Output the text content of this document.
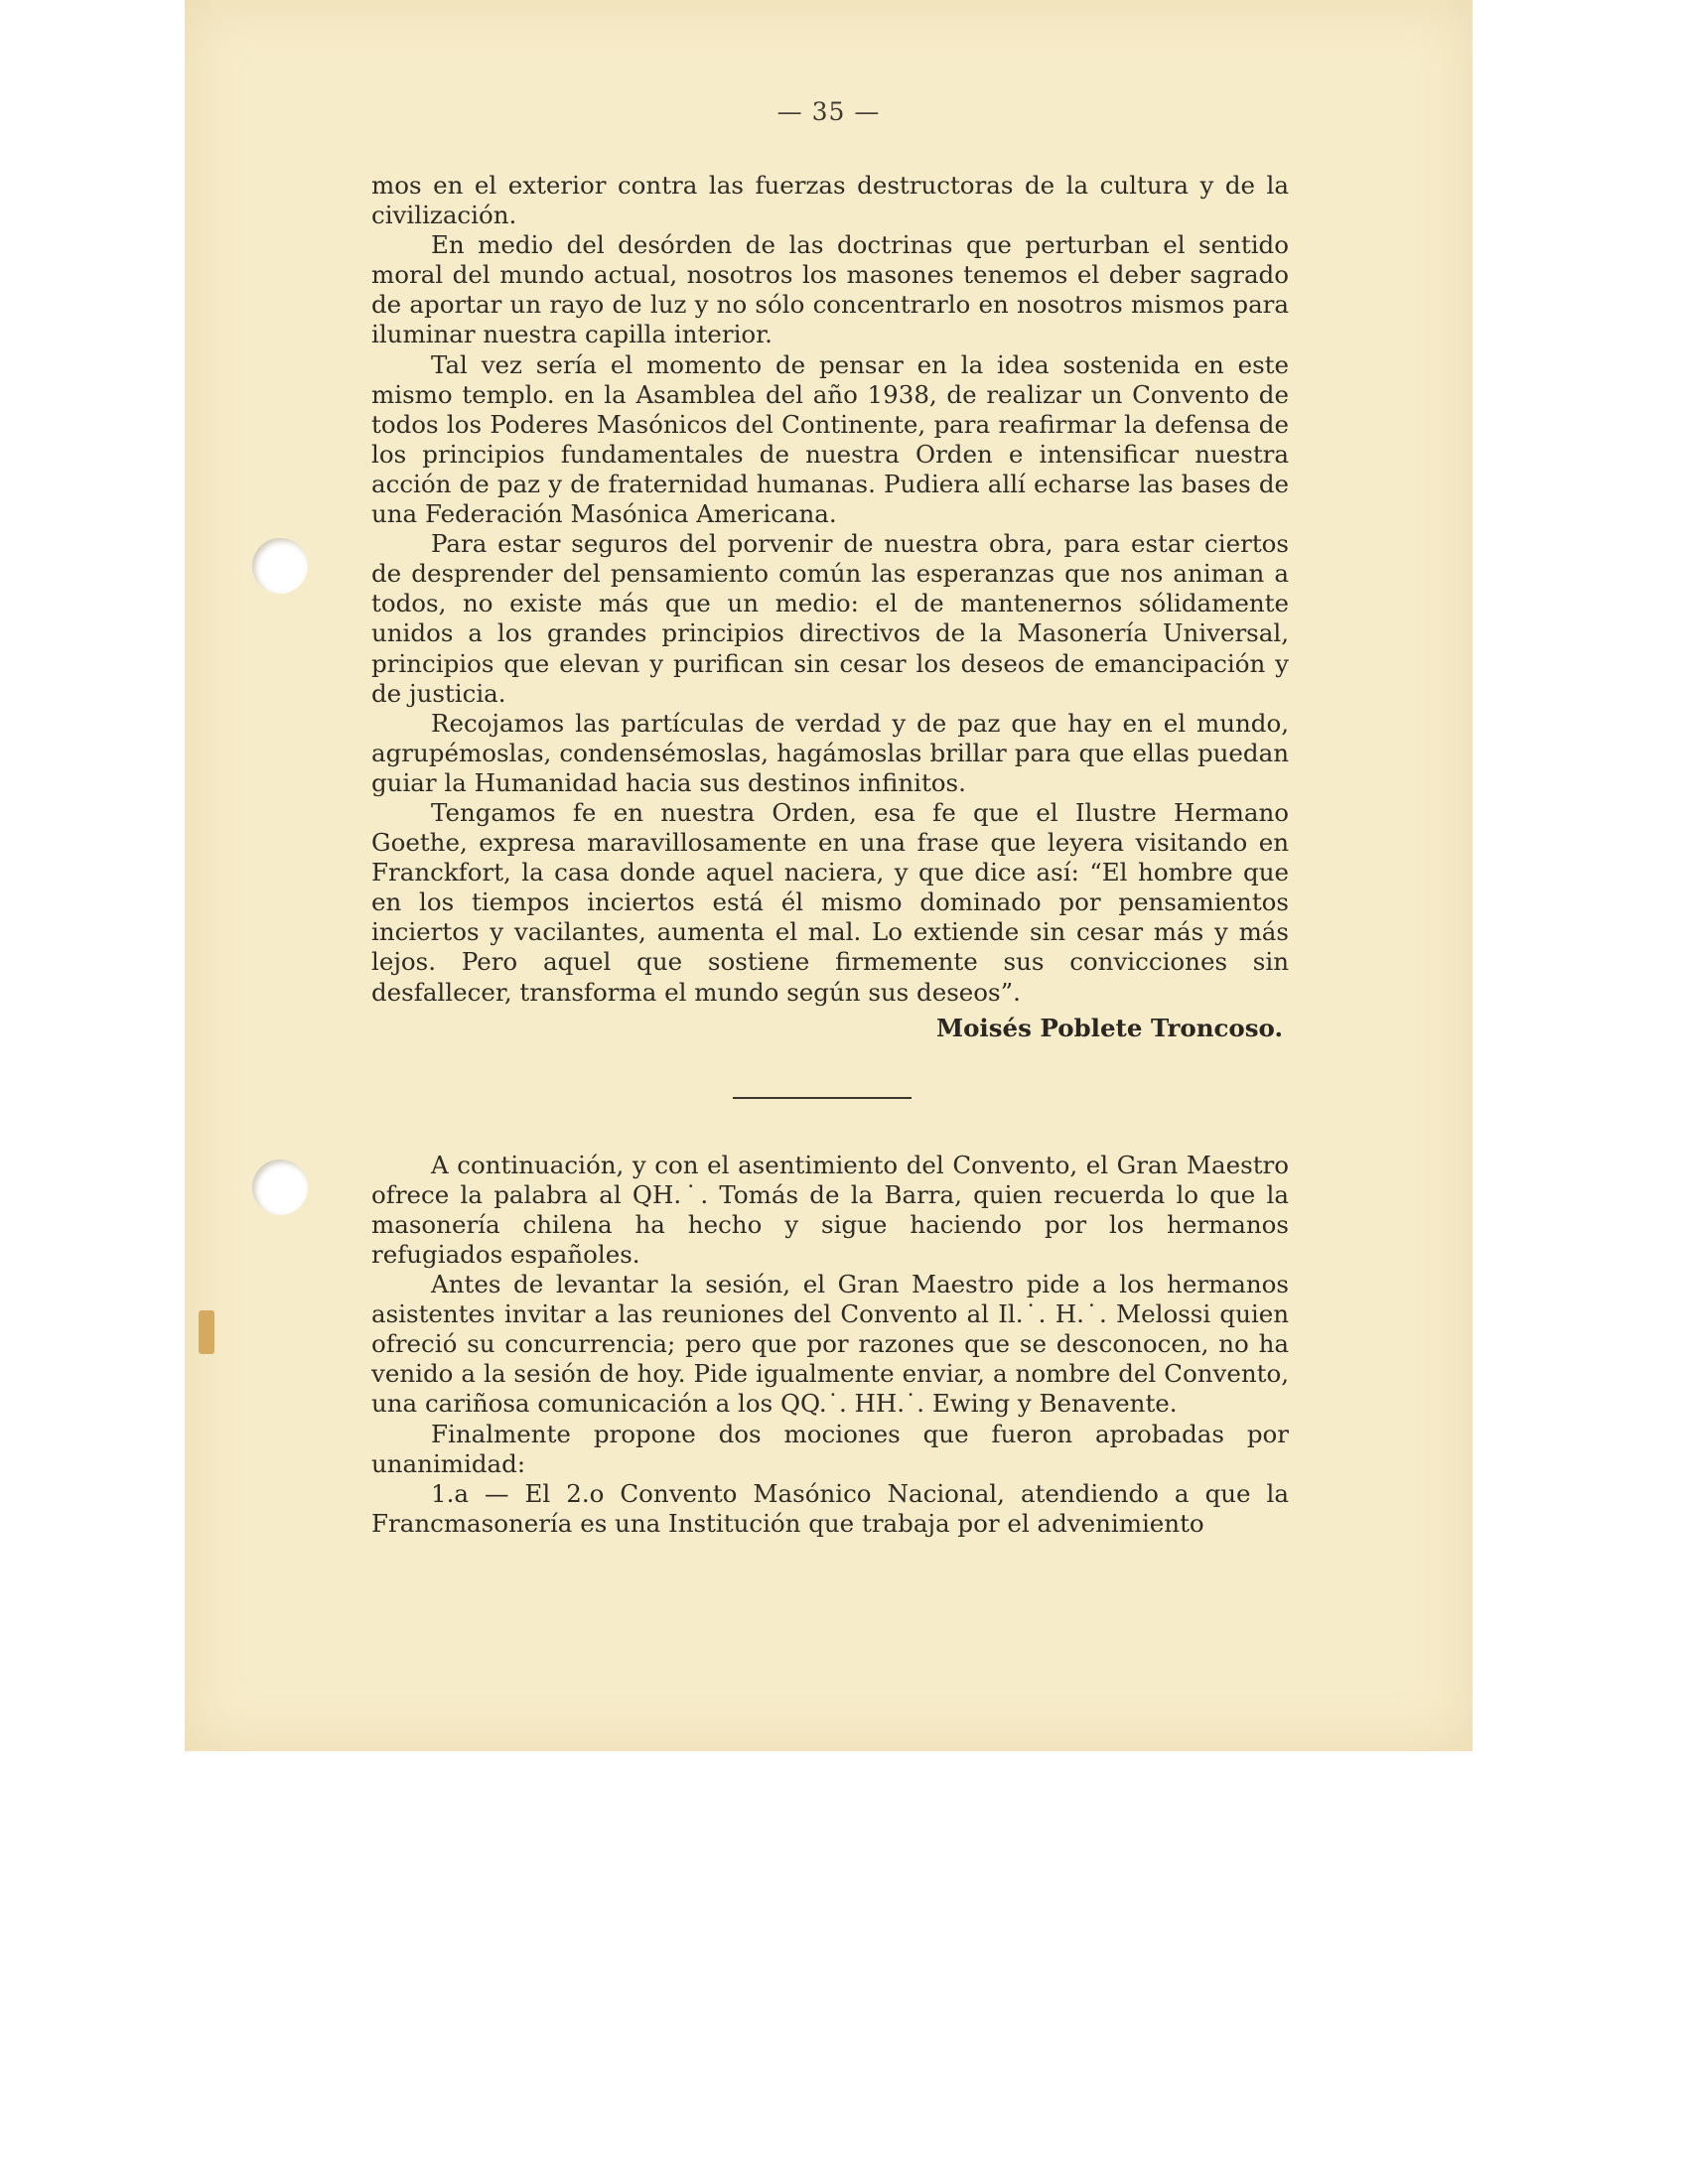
— 35 —

mos en el exterior contra las fuerzas destructoras de la cultura y de la civilización.

En medio del desórden de las doctrinas que perturban el sentido moral del mundo actual, nosotros los masones tenemos el deber sagrado de aportar un rayo de luz y no sólo concentrarlo en nosotros mismos para iluminar nuestra capilla interior.

Tal vez sería el momento de pensar en la idea sostenida en este mismo templo. en la Asamblea del año 1938, de realizar un Convento de todos los Poderes Masónicos del Continente, para reafirmar la defensa de los principios fundamentales de nuestra Orden e intensificar nuestra acción de paz y de fraternidad humanas. Pudiera allí echarse las bases de una Federación Masónica Americana.

Para estar seguros del porvenir de nuestra obra, para estar ciertos de desprender del pensamiento común las esperanzas que nos animan a todos, no existe más que un medio: el de mantenernos sólidamente unidos a los grandes principios directivos de la Masonería Universal, principios que elevan y purifican sin cesar los deseos de emancipación y de justicia.

Recojamos las partículas de verdad y de paz que hay en el mundo, agrupémoslas, condensémoslas, hagámoslas brillar para que ellas puedan guiar la Humanidad hacia sus destinos infinitos.

Tengamos fe en nuestra Orden, esa fe que el Ilustre Hermano Goethe, expresa maravillosamente en una frase que leyera visitando en Franckfort, la casa donde aquel naciera, y que dice así: “El hombre que en los tiempos inciertos está él mismo dominado por pensamientos inciertos y vacilantes, aumenta el mal. Lo extiende sin cesar más y más lejos. Pero aquel que sostiene firmemente sus convicciones sin desfallecer, transforma el mundo según sus deseos”.

Moisés Poblete Troncoso.

A continuación, y con el asentimiento del Convento, el Gran Maestro ofrece la palabra al QH.˙. Tomás de la Barra, quien recuerda lo que la masonería chilena ha hecho y sigue haciendo por los hermanos refugiados españoles.

Antes de levantar la sesión, el Gran Maestro pide a los hermanos asistentes invitar a las reuniones del Convento al Il.˙. H.˙. Melossi quien ofreció su concurrencia; pero que por razones que se desconocen, no ha venido a la sesión de hoy. Pide igualmente enviar, a nombre del Convento, una cariñosa comunicación a los QQ.˙. HH.˙. Ewing y Benavente.

Finalmente propone dos mociones que fueron aprobadas por unanimidad:

1.a — El 2.o Convento Masónico Nacional, atendiendo a que la Francmasonería es una Institución que trabaja por el advenimiento
